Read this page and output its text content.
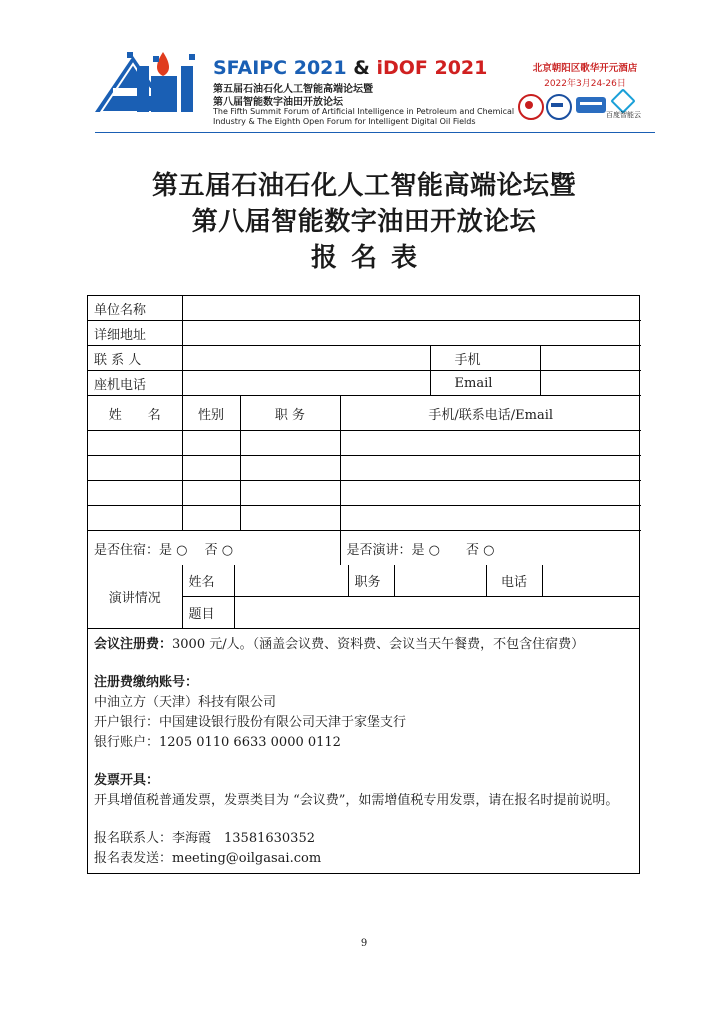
SFAIPC 2021 & iDOF 2021
第五届石油石化人工智能高端论坛暨
第八届智能数字油田开放论坛
The Fifth Summit Forum of Artificial Intelligence in Petroleum and Chemical
Industry & The Eighth Open Forum for Intelligent Digital Oil Fields
北京朝阳区歌华开元酒店
2022年3月24-26日
百度智能云
第五届石油石化人工智能高端论坛暨
第八届智能数字油田开放论坛
报名表
单位名称					
详细地址					
联 系 人				手机	
座机电话				Email	
姓　　名	性别	职 务	手机/联系电话/Email		

是否住宿：是 ○　 否 ○			是否演讲：是 ○　　否 ○		
演讲情况	姓名		职务		电话	
	题目					
会议注册费：3000 元/人。（涵盖会议费、资料费、会议当天午餐费，不包含住宿费）
注册费缴纳账号：
中油立方（天津）科技有限公司
开户银行：中国建设银行股份有限公司天津于家堡支行
银行账户：1205 0110 6633 0000 0112
发票开具：
开具增值税普通发票，发票类目为 “会议费”，如需增值税专用发票，请在报名时提前说明。
报名联系人：李海霞　13581630352
报名表发送：meeting@oilgasai.com
9
